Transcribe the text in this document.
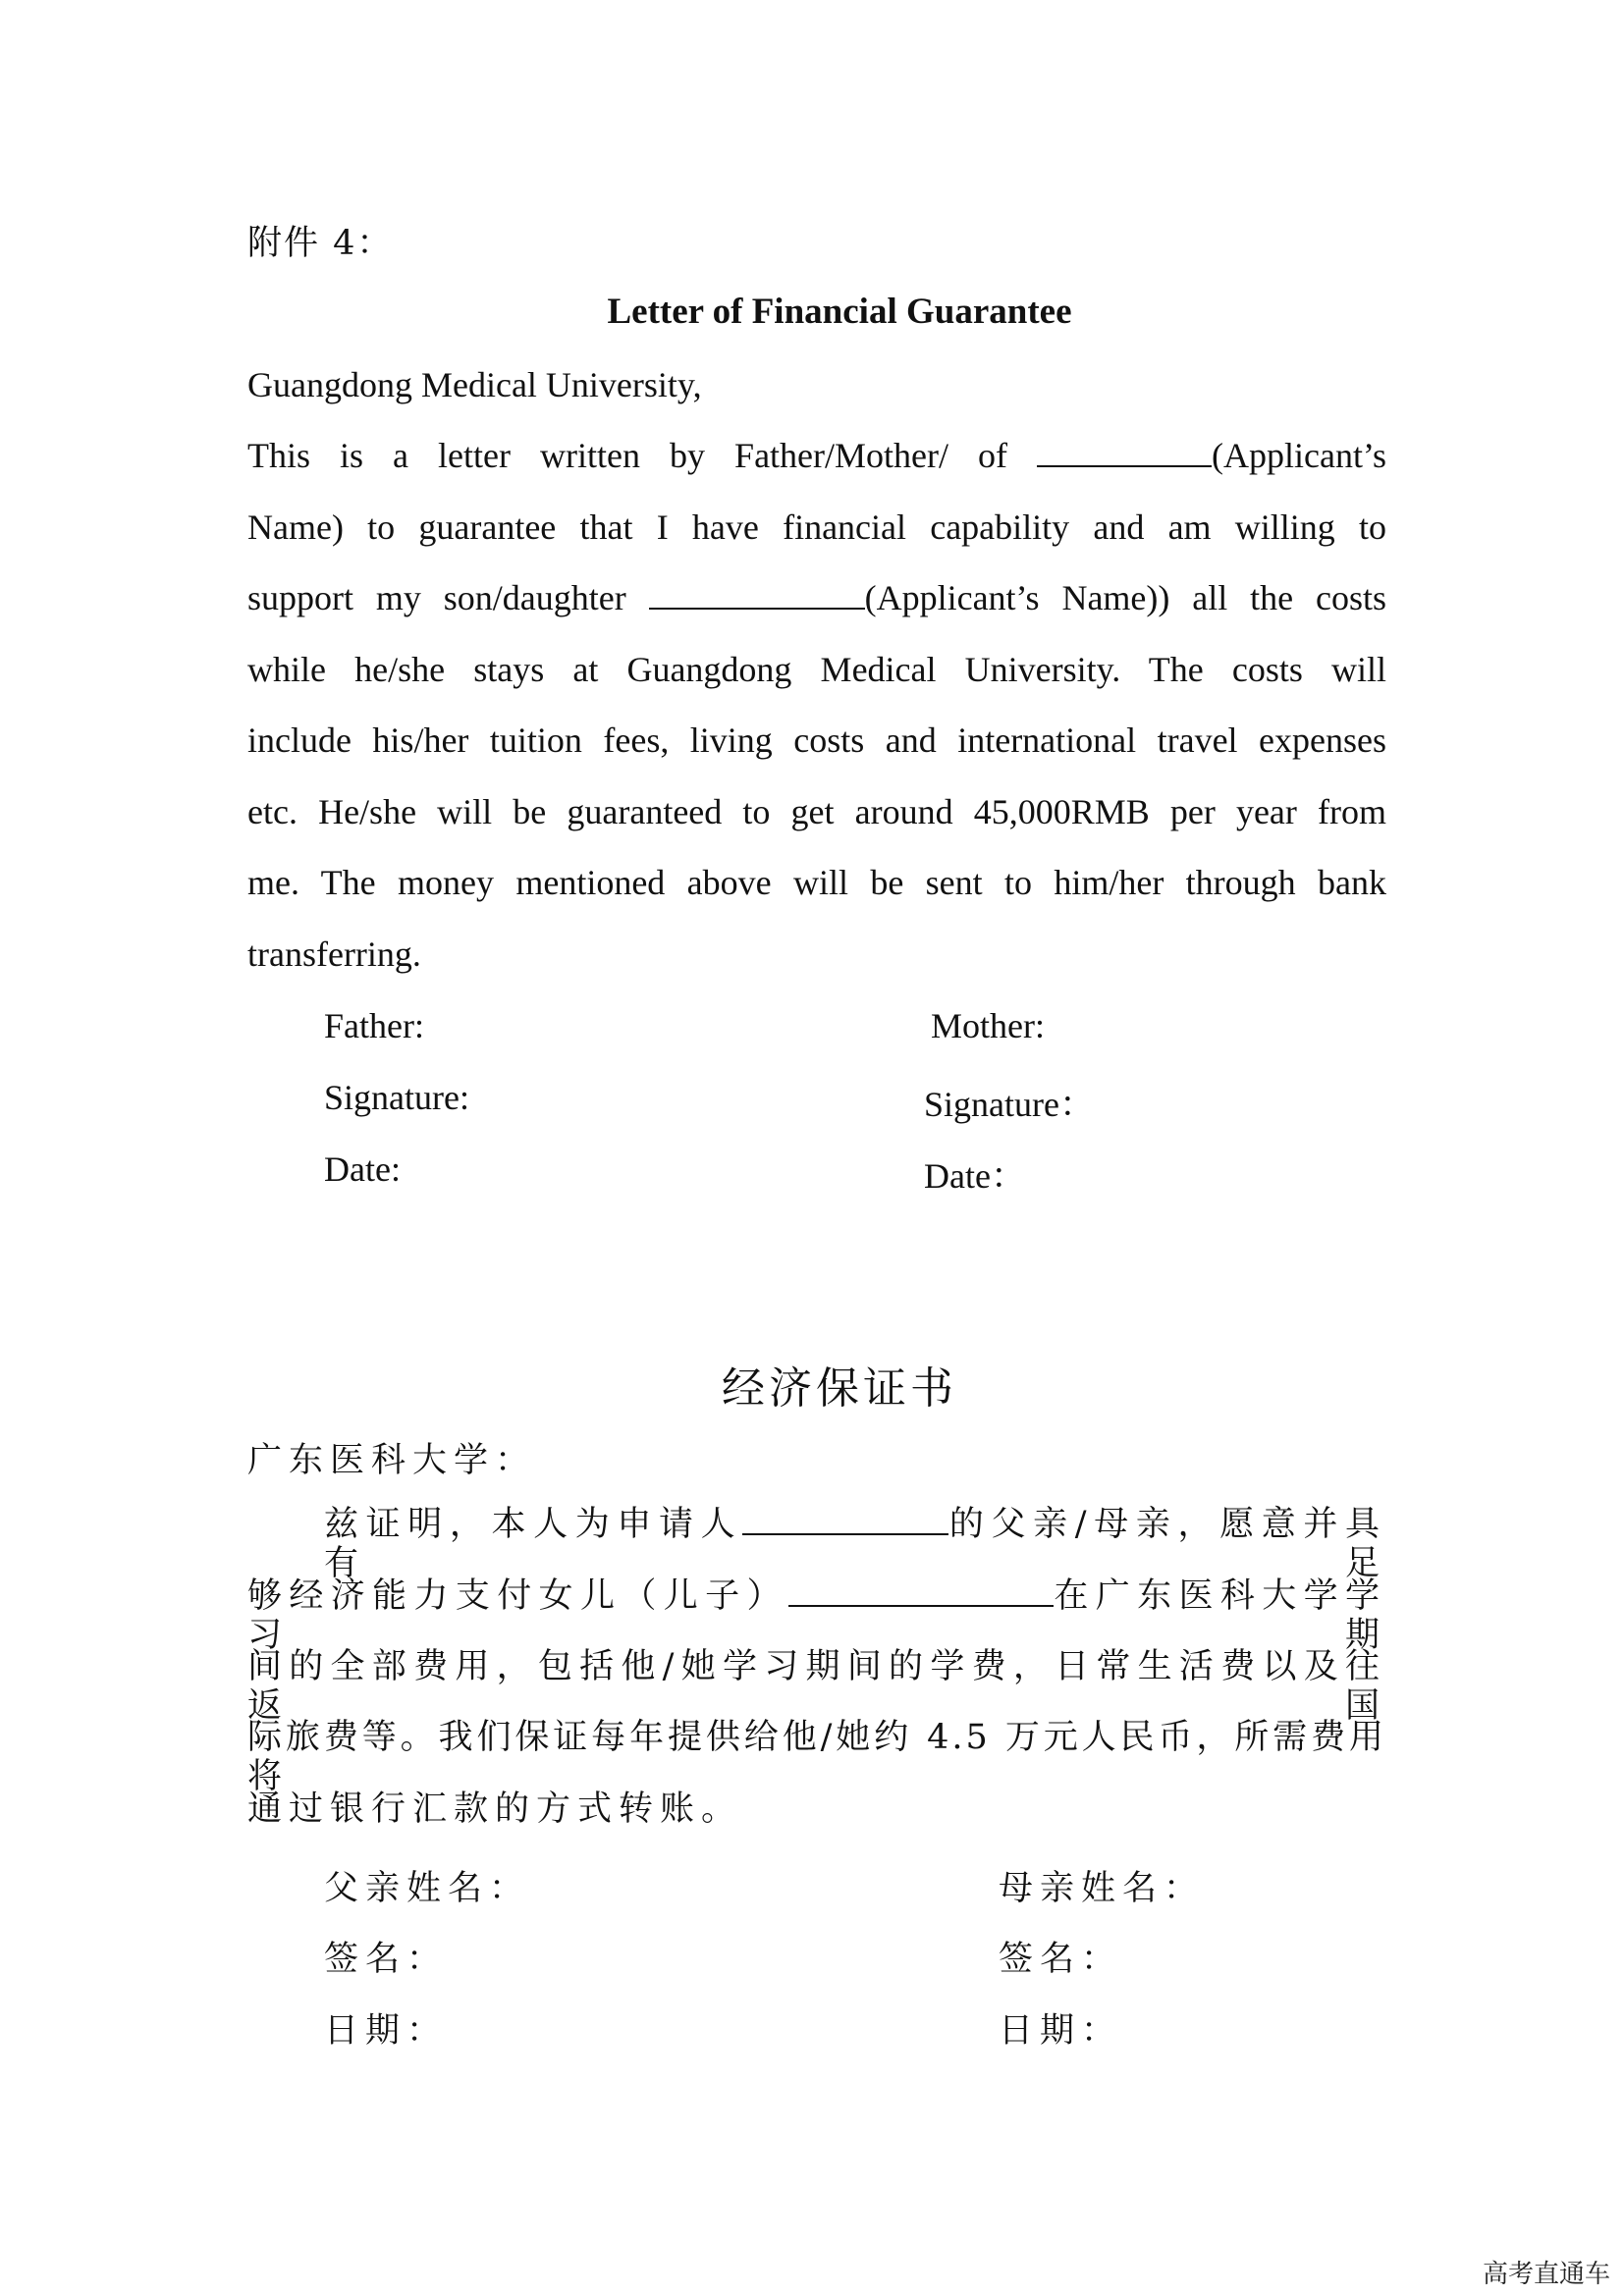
附件 4：
Letter of Financial Guarantee
Guangdong Medical University,
This is a letter written by Father/Mother/ of	(Applicant’s
Name) to guarantee that I have financial capability and am willing to
support my son/daughter	(Applicant’s Name)) all the costs
while he/she stays at Guangdong Medical University. The costs will
include his/her tuition fees, living costs and international travel expenses
etc. He/she will be guaranteed to get around 45,000RMB per year from
me. The money mentioned above will be sent to him/her through bank
transferring.
Father:	Mother:
Signature:	Signature：
Date:	Date：
经济保证书
广东医科大学：
兹证明，本人为申请人	的父亲/母亲，愿意并具有足
够经济能力支付女儿（儿子）	在广东医科大学学习期
间的全部费用，包括他/她学习期间的学费，日常生活费以及往返国
际旅费等。我们保证每年提供给他/她约 4.5 万元人民币，所需费用将
通过银行汇款的方式转账。
父亲姓名：	母亲姓名：
签名：	签名：
日期：	日期：
高考直通车
